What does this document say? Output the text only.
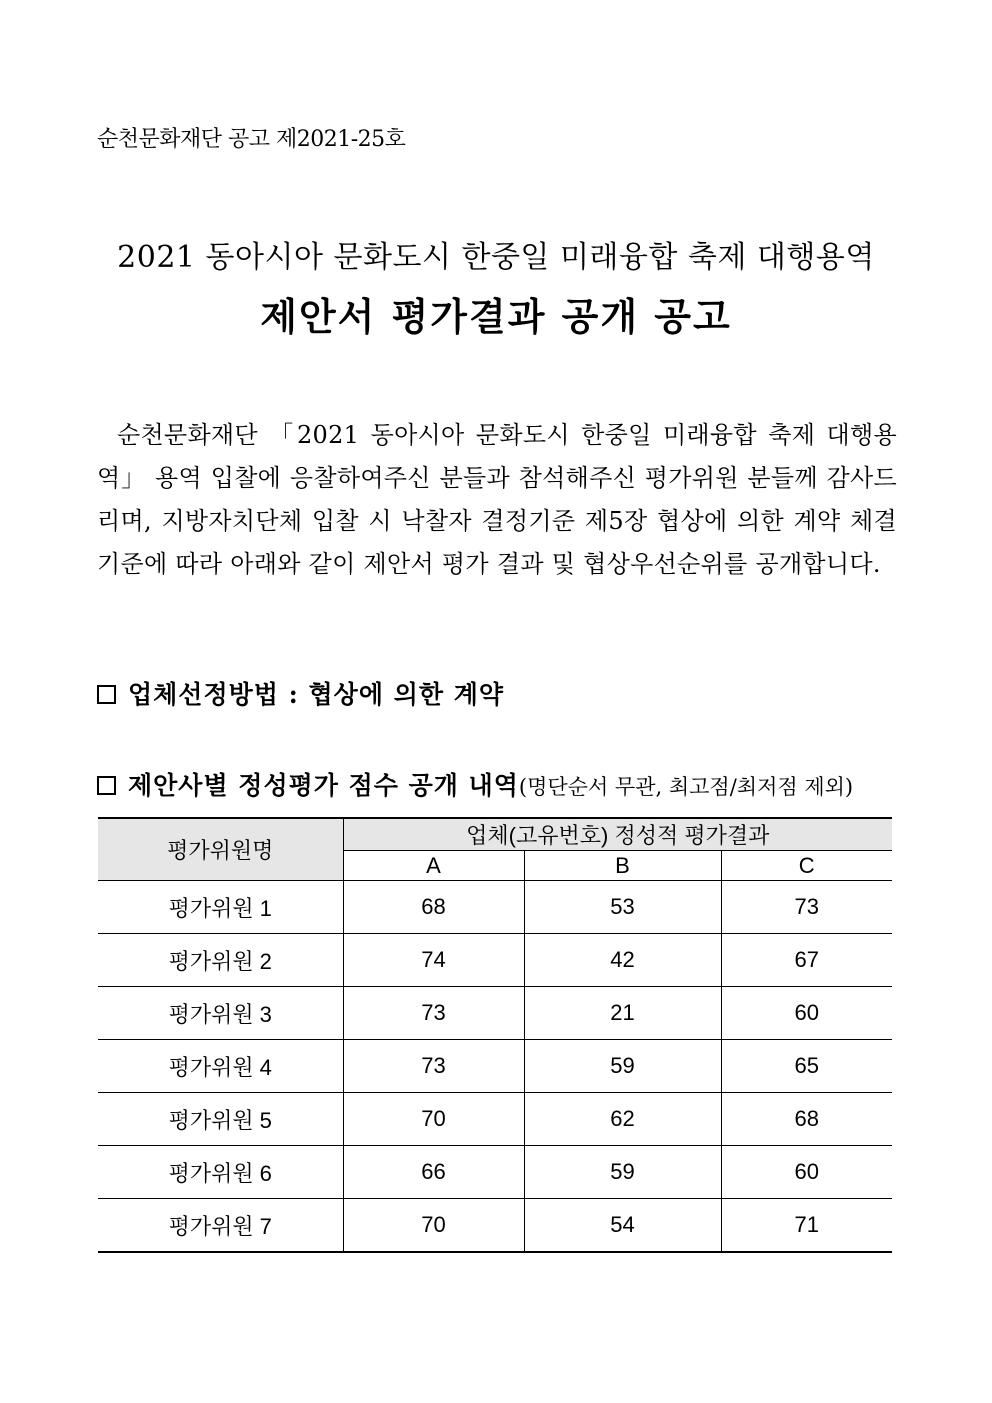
순천문화재단 공고 제2021-25호
2021 동아시아 문화도시 한중일 미래융합 축제 대행용역
제안서 평가결과 공개 공고
순천문화재단 「2021 동아시아 문화도시 한중일 미래융합 축제 대행용역」 용역 입찰에 응찰하여주신 분들과 참석해주신 평가위원 분들께 감사드리며, 지방자치단체 입찰 시 낙찰자 결정기준 제5장 협상에 의한 계약 체결기준에 따라 아래와 같이 제안서 평가 결과 및 협상우선순위를 공개합니다.
업체선정방법 : 협상에 의한 계약
제안사별 정성평가 점수 공개 내역(명단순서 무관, 최고점/최저점 제외)
평가위원명	업체(고유번호) 정성적 평가결과		
	A	B	C
평가위원 1	68	53	73
평가위원 2	74	42	67
평가위원 3	73	21	60
평가위원 4	73	59	65
평가위원 5	70	62	68
평가위원 6	66	59	60
평가위원 7	70	54	71
